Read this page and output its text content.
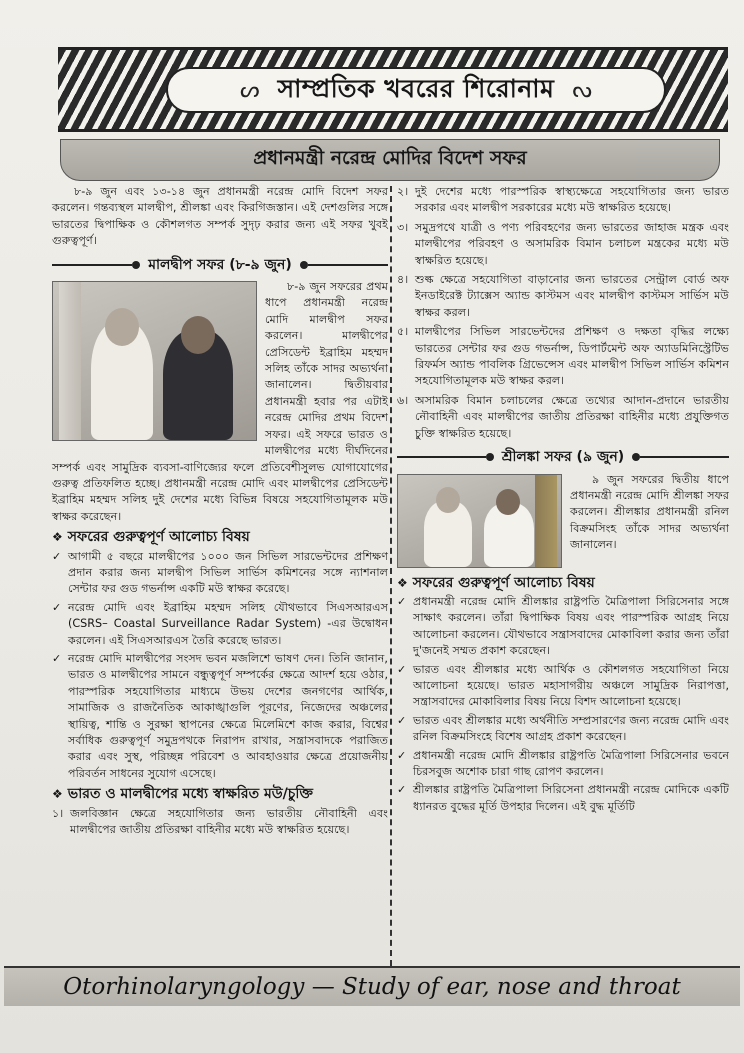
ᔕ সাম্প্রতিক খবরের শিরোনাম ᔓ
প্রধানমন্ত্রী নরেন্দ্র মোদির বিদেশ সফর

৮-৯ জুন এবং ১৩-১৪ জুন প্রধানমন্ত্রী নরেন্দ্র মোদি বিদেশ সফর করলেন। গন্তব্যস্থল মালদ্বীপ, শ্রীলঙ্কা এবং কিরগিজস্তান। এই দেশগুলির সঙ্গে ভারতের দ্বিপাক্ষিক ও কৌশলগত সম্পর্ক সুদৃঢ় করার জন্য এই সফর খুবই গুরুত্বপূর্ণ।

মালদ্বীপ সফর (৮-৯ জুন)

৮-৯ জুন সফরের প্রথম ধাপে প্রধানমন্ত্রী নরেন্দ্র মোদি মালদ্বীপ সফর করলেন। মালদ্বীপের প্রেসিডেন্ট ইব্রাহিম মহম্মদ সলিহ তাঁকে সাদর অভ্যর্থনা জানালেন। দ্বিতীয়বার প্রধানমন্ত্রী হবার পর এটাই নরেন্দ্র মোদির প্রথম বিদেশ সফর। এই সফরে ভারত ও মালদ্বীপের মধ্যে দীর্ঘদিনের সম্পর্ক এবং সামুদ্রিক ব্যবসা-বাণিজ্যের ফলে প্রতিবেশীসুলভ যোগাযোগের গুরুত্ব প্রতিফলিত হচ্ছে। প্রধানমন্ত্রী নরেন্দ্র মোদি এবং মালদ্বীপের প্রেসিডেন্ট ইব্রাহিম মহম্মদ সলিহ দুই দেশের মধ্যে বিভিন্ন বিষয়ে সহযোগিতামূলক মউ স্বাক্ষর করেছেন।

❖ সফরের গুরুত্বপূর্ণ আলোচ্য বিষয়
✓ আগামী ৫ বছরে মালদ্বীপের ১০০০ জন সিভিল সারভেন্টদের প্রশিক্ষণ প্রদান করার জন্য মালদ্বীপ সিভিল সার্ভিস কমিশনের সঙ্গে ন্যাশনাল সেন্টার ফর গুড গভর্নান্স একটি মউ স্বাক্ষর করেছে।
✓ নরেন্দ্র মোদি এবং ইব্রাহিম মহম্মদ সলিহ যৌথভাবে সিএসআরএস (CSRS– Coastal Surveillance Radar System) -এর উদ্বোধন করলেন। এই সিএসআরএস তৈরি করেছে ভারত।
✓ নরেন্দ্র মোদি মালদ্বীপের সংসদ ভবন মজলিশে ভাষণ দেন। তিনি জানান, ভারত ও মালদ্বীপের সামনে বন্ধুত্বপূর্ণ সম্পর্কের ক্ষেত্রে আদর্শ হয়ে ওঠার, পারস্পরিক সহযোগিতার মাধ্যমে উভয় দেশের জনগণের আর্থিক, সামাজিক ও রাজনৈতিক আকাঙ্খাগুলি পূরণের, নিজেদের অঞ্চলের স্থায়িত্ব, শান্তি ও সুরক্ষা স্থাপনের ক্ষেত্রে মিলেমিশে কাজ করার, বিশ্বের সর্বাধিক গুরুত্বপূর্ণ সমুদ্রপথকে নিরাপদ রাখার, সন্ত্রাসবাদকে পরাজিত করার এবং সুস্থ, পরিচ্ছন্ন পরিবেশ ও আবহাওয়ার ক্ষেত্রে প্রয়োজনীয় পরিবর্তন সাধনের সুযোগ এসেছে।
❖ ভারত ও মালদ্বীপের মধ্যে স্বাক্ষরিত মউ/চুক্তি
১। জলবিজ্ঞান ক্ষেত্রে সহযোগিতার জন্য ভারতীয় নৌবাহিনী এবং মালদ্বীপের জাতীয় প্রতিরক্ষা বাহিনীর মধ্যে মউ স্বাক্ষরিত হয়েছে।
২। দুই দেশের মধ্যে পারস্পরিক স্বাস্থ্যক্ষেত্রে সহযোগিতার জন্য ভারত সরকার এবং মালদ্বীপ সরকারের মধ্যে মউ স্বাক্ষরিত হয়েছে।
৩। সমুদ্রপথে যাত্রী ও পণ্য পরিবহণের জন্য ভারতের জাহাজ মন্ত্রক এবং মালদ্বীপের পরিবহণ ও অসামরিক বিমান চলাচল মন্ত্রকের মধ্যে মউ স্বাক্ষরিত হয়েছে।
৪। শুল্ক ক্ষেত্রে সহযোগিতা বাড়ানোর জন্য ভারতের সেন্ট্রাল বোর্ড অফ ইনডাইরেক্ট ট্যাক্সেস অ্যান্ড কাস্টমস এবং মালদ্বীপ কাস্টমস সার্ভিস মউ স্বাক্ষর করল।
৫। মালদ্বীপের সিভিল সারভেন্টদের প্রশিক্ষণ ও দক্ষতা বৃদ্ধির লক্ষ্যে ভারতের সেন্টার ফর গুড গভর্নান্স, ডিপার্টমেন্ট অফ অ্যাডমিনিস্ট্রেটিভ রিফর্মস অ্যান্ড পাবলিক গ্রিভেন্সেস এবং মালদ্বীপ সিভিল সার্ভিস কমিশন সহযোগিতামূলক মউ স্বাক্ষর করল।
৬। অসামরিক বিমান চলাচলের ক্ষেত্রে তথ্যের আদান-প্রদানে ভারতীয় নৌবাহিনী এবং মালদ্বীপের জাতীয় প্রতিরক্ষা বাহিনীর মধ্যে প্রযুক্তিগত চুক্তি স্বাক্ষরিত হয়েছে।
শ্রীলঙ্কা সফর (৯ জুন)

৯ জুন সফরের দ্বিতীয় ধাপে প্রধানমন্ত্রী নরেন্দ্র মোদি শ্রীলঙ্কা সফর করলেন। শ্রীলঙ্কার প্রধানমন্ত্রী রনিল বিক্রমসিংহ তাঁকে সাদর অভ্যর্থনা জানালেন।

❖ সফরের গুরুত্বপূর্ণ আলোচ্য বিষয়
✓ প্রধানমন্ত্রী নরেন্দ্র মোদি শ্রীলঙ্কার রাষ্ট্রপতি মৈত্রিপালা সিরিসেনার সঙ্গে সাক্ষাৎ করলেন। তাঁরা দ্বিপাক্ষিক বিষয় এবং পারস্পরিক আগ্রহ নিয়ে আলোচনা করলেন। যৌথভাবে সন্ত্রাসবাদের মোকাবিলা করার জন্য তাঁরা দু'জনেই সম্মত প্রকাশ করেছেন।
✓ ভারত এবং শ্রীলঙ্কার মধ্যে আর্থিক ও কৌশলগত সহযোগিতা নিয়ে আলোচনা হয়েছে। ভারত মহাসাগরীয় অঞ্চলে সামুদ্রিক নিরাপত্তা, সন্ত্রাসবাদের মোকাবিলার বিষয় নিয়ে বিশদ আলোচনা হয়েছে।
✓ ভারত এবং শ্রীলঙ্কার মধ্যে অর্থনীতি সম্প্রসারণের জন্য নরেন্দ্র মোদি এবং রনিল বিক্রমসিংহে বিশেষ আগ্রহ প্রকাশ করেছেন।
✓ প্রধানমন্ত্রী নরেন্দ্র মোদি শ্রীলঙ্কার রাষ্ট্রপতি মৈত্রিপালা সিরিসেনার ভবনে চিরসবুজ অশোক চারা গাছ রোপণ করলেন।
✓ শ্রীলঙ্কার রাষ্ট্রপতি মৈত্রিপালা সিরিসেনা প্রধানমন্ত্রী নরেন্দ্র মোদিকে একটি ধ্যানরত বুদ্ধের মূর্তি উপহার দিলেন। এই বুদ্ধ মূর্তিটি
Otorhinolaryngology — Study of ear, nose and throat
